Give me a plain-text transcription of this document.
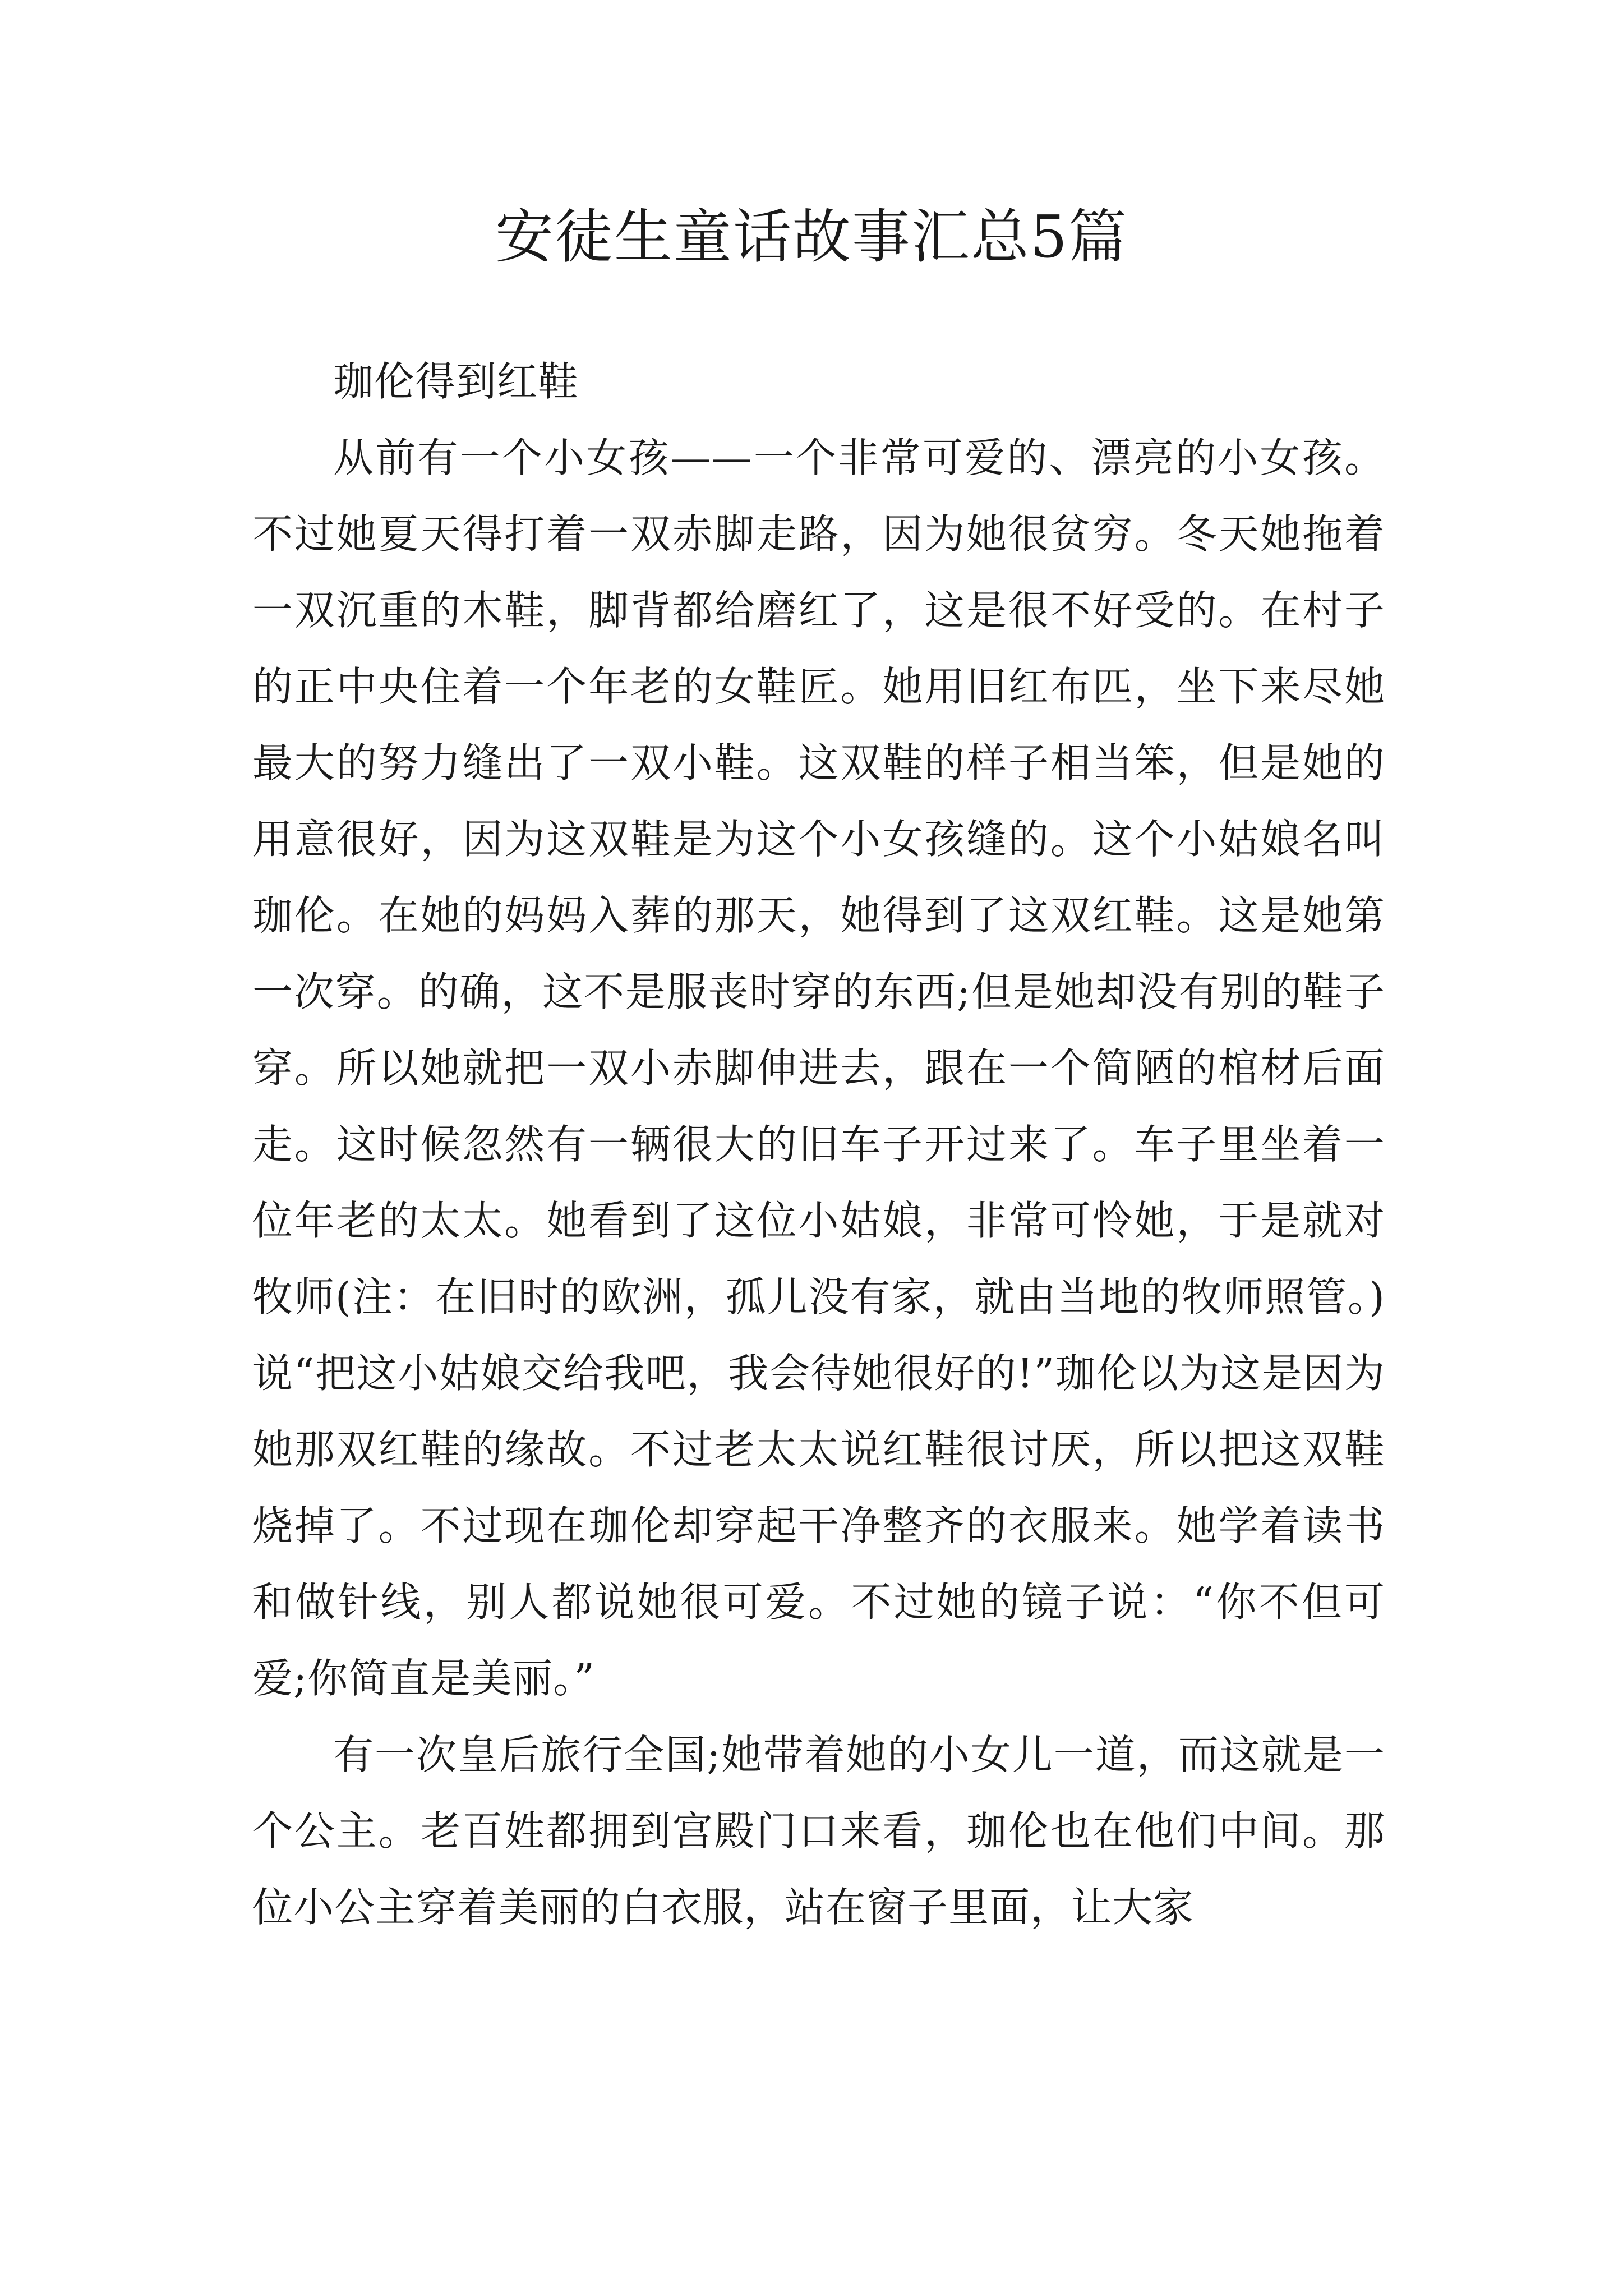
安徒生童话故事汇总5篇

珈伦得到红鞋

从前有一个小女孩——一个非常可爱的、漂亮的小女孩。不过她夏天得打着一双赤脚走路，因为她很贫穷。冬天她拖着一双沉重的木鞋，脚背都给磨红了，这是很不好受的。在村子的正中央住着一个年老的女鞋匠。她用旧红布匹，坐下来尽她最大的努力缝出了一双小鞋。这双鞋的样子相当笨，但是她的用意很好，因为这双鞋是为这个小女孩缝的。这个小姑娘名叫珈伦。在她的妈妈入葬的那天，她得到了这双红鞋。这是她第一次穿。的确，这不是服丧时穿的东西;但是她却没有别的鞋子穿。所以她就把一双小赤脚伸进去，跟在一个简陋的棺材后面走。这时候忽然有一辆很大的旧车子开过来了。车子里坐着一位年老的太太。她看到了这位小姑娘，非常可怜她，于是就对牧师(注：在旧时的欧洲，孤儿没有家，就由当地的牧师照管。)说“把这小姑娘交给我吧，我会待她很好的!”珈伦以为这是因为她那双红鞋的缘故。不过老太太说红鞋很讨厌，所以把这双鞋烧掉了。不过现在珈伦却穿起干净整齐的衣服来。她学着读书和做针线，别人都说她很可爱。不过她的镜子说：“你不但可爱;你简直是美丽。”

有一次皇后旅行全国;她带着她的小女儿一道，而这就是一个公主。老百姓都拥到宫殿门口来看，珈伦也在他们中间。那位小公主穿着美丽的白衣服，站在窗子里面，让大家
